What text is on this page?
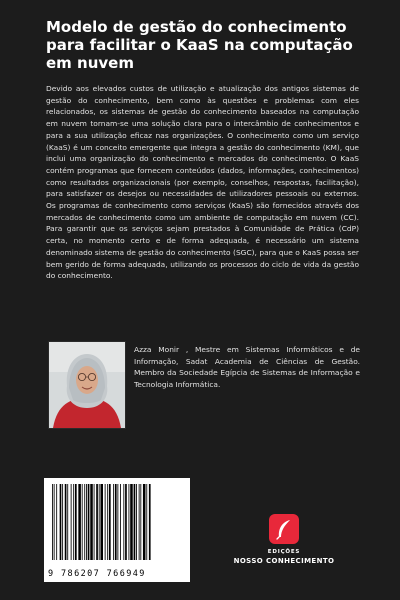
Modelo de gestão do conhecimento para facilitar o KaaS na computação em nuvem

Devido aos elevados custos de utilização e atualização dos antigos sistemas de gestão do conhecimento, bem como às questões e problemas com eles relacionados, os sistemas de gestão do conhecimento baseados na computação em nuvem tornam-se uma solução clara para o intercâmbio de conhecimentos e para a sua utilização eficaz nas organizações. O conhecimento como um serviço (KaaS) é um conceito emergente que integra a gestão do conhecimento (KM), que inclui uma organização do conhecimento e mercados do conhecimento. O KaaS contém programas que fornecem conteúdos (dados, informações, conhecimentos) como resultados organizacionais (por exemplo, conselhos, respostas, facilitação), para satisfazer os desejos ou necessidades de utilizadores pessoais ou externos. Os programas de conhecimento como serviços (KaaS) são fornecidos através dos mercados de conhecimento como um ambiente de computação em nuvem (CC). Para garantir que os serviços sejam prestados à Comunidade de Prática (CdP) certa, no momento certo e de forma adequada, é necessário um sistema denominado sistema de gestão do conhecimento (SGC), para que o KaaS possa ser bem gerido de forma adequada, utilizando os processos do ciclo de vida da gestão do conhecimento.

Azza Monir , Mestre em Sistemas Informáticos e de Informação, Sadat Academia de Ciências de Gestão. Membro da Sociedade Egípcia de Sistemas de Informação e Tecnologia Informática.

9 786207 766949
EDIÇÕES
NOSSO CONHECIMENTO
